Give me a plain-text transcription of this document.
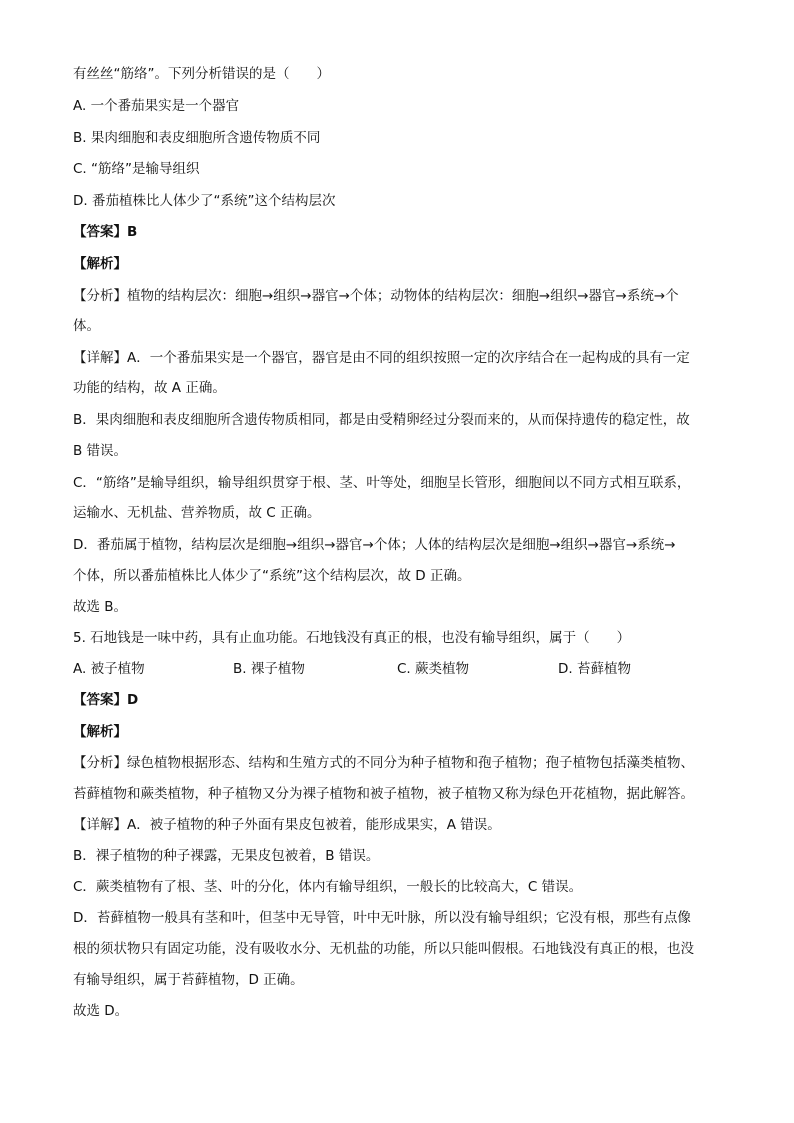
有丝丝“筋络”。下列分析错误的是（　　）
A. 一个番茄果实是一个器官
B. 果肉细胞和表皮细胞所含遗传物质不同
C. “筋络”是输导组织
D. 番茄植株比人体少了“系统”这个结构层次
【答案】B
【解析】
【分析】植物的结构层次：细胞→组织→器官→个体；动物体的结构层次：细胞→组织→器官→系统→个
体。
【详解】A．一个番茄果实是一个器官，器官是由不同的组织按照一定的次序结合在一起构成的具有一定
功能的结构，故 A 正确。
B．果肉细胞和表皮细胞所含遗传物质相同，都是由受精卵经过分裂而来的，从而保持遗传的稳定性，故
B 错误。
C．“筋络”是输导组织，输导组织贯穿于根、茎、叶等处，细胞呈长管形，细胞间以不同方式相互联系，
运输水、无机盐、营养物质，故 C 正确。
D．番茄属于植物，结构层次是细胞→组织→器官→个体；人体的结构层次是细胞→组织→器官→系统→
个体，所以番茄植株比人体少了“系统”这个结构层次，故 D 正确。
故选 B。
5. 石地钱是一味中药，具有止血功能。石地钱没有真正的根，也没有输导组织，属于（　　）
A. 被子植物	B. 裸子植物	C. 蕨类植物	D. 苔藓植物
【答案】D
【解析】
【分析】绿色植物根据形态、结构和生殖方式的不同分为种子植物和孢子植物；孢子植物包括藻类植物、
苔藓植物和蕨类植物，种子植物又分为裸子植物和被子植物，被子植物又称为绿色开花植物，据此解答。
【详解】A．被子植物的种子外面有果皮包被着，能形成果实，A 错误。
B．裸子植物的种子裸露，无果皮包被着，B 错误。
C．蕨类植物有了根、茎、叶的分化，体内有输导组织，一般长的比较高大，C 错误。
D．苔藓植物一般具有茎和叶，但茎中无导管，叶中无叶脉，所以没有输导组织；它没有根，那些有点像
根的须状物只有固定功能，没有吸收水分、无机盐的功能，所以只能叫假根。石地钱没有真正的根，也没
有输导组织，属于苔藓植物，D 正确。
故选 D。
